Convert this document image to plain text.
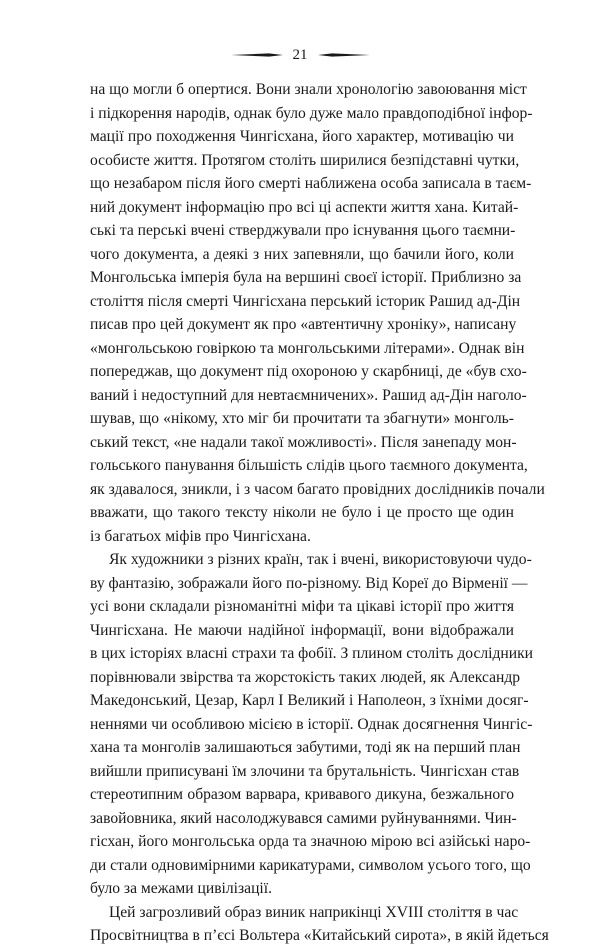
21
на що могли б опертися. Вони знали хронологію завоювання міст
і підкорення народів, однак було дуже мало правдоподібної інфор-
мації про походження Чингісхана, його характер, мотивацію чи
особисте життя. Протягом століть ширилися безпідставні чутки,
що незабаром після його смерті наближена особа записала в таєм-
ний документ інформацію про всі ці аспекти життя хана. Китай-
ські та перські вчені стверджували про існування цього таємни-
чого документа, а деякі з них запевняли, що бачили його, коли
Монгольська імперія була на вершині своєї історії. Приблизно за
століття після смерті Чингісхана перський історик Рашид ад-Дін
писав про цей документ як про «автентичну хроніку», написану
«монгольською говіркою та монгольськими літерами». Однак він
попереджав, що документ під охороною у скарбниці, де «був схо-
ваний і недоступний для невтаємничених». Рашид ад-Дін наголо-
шував, що «нікому, хто міг би прочитати та збагнути» монголь-
ський текст, «не надали такої можливості». Після занепаду мон-
гольського панування більшість слідів цього таємного документа,
як здавалося, зникли, і з часом багато провідних дослідників почали
вважати, що такого тексту ніколи не було і це просто ще один
із багатьох міфів про Чингісхана.
Як художники з різних країн, так і вчені, використовуючи чудо-
ву фантазію, зображали його по-різному. Від Кореї до Вірменії —
усі вони складали різноманітні міфи та цікаві історії про життя
Чингісхана. Не маючи надійної інформації, вони відображали
в цих історіях власні страхи та фобії. З плином століть дослідники
порівнювали звірства та жорстокість таких людей, як Александр
Македонський, Цезар, Карл I Великий і Наполеон, з їхніми досяг-
неннями чи особливою місією в історії. Однак досягнення Чингіс-
хана та монголів залишаються забутими, тоді як на перший план
вийшли приписувані їм злочини та брутальність. Чингісхан став
стереотипним образом варвара, кривавого дикуна, безжального
завойовника, який насолоджувався самими руйнуваннями. Чин-
гісхан, його монгольська орда та значною мірою всі азійські наро-
ди стали одновимірними карикатурами, символом усього того, що
було за межами цивілізації.
Цей загрозливий образ виник наприкінці XVIII століття в час
Просвітництва в п’єсі Вольтера «Китайський сирота», в якій йдеться
